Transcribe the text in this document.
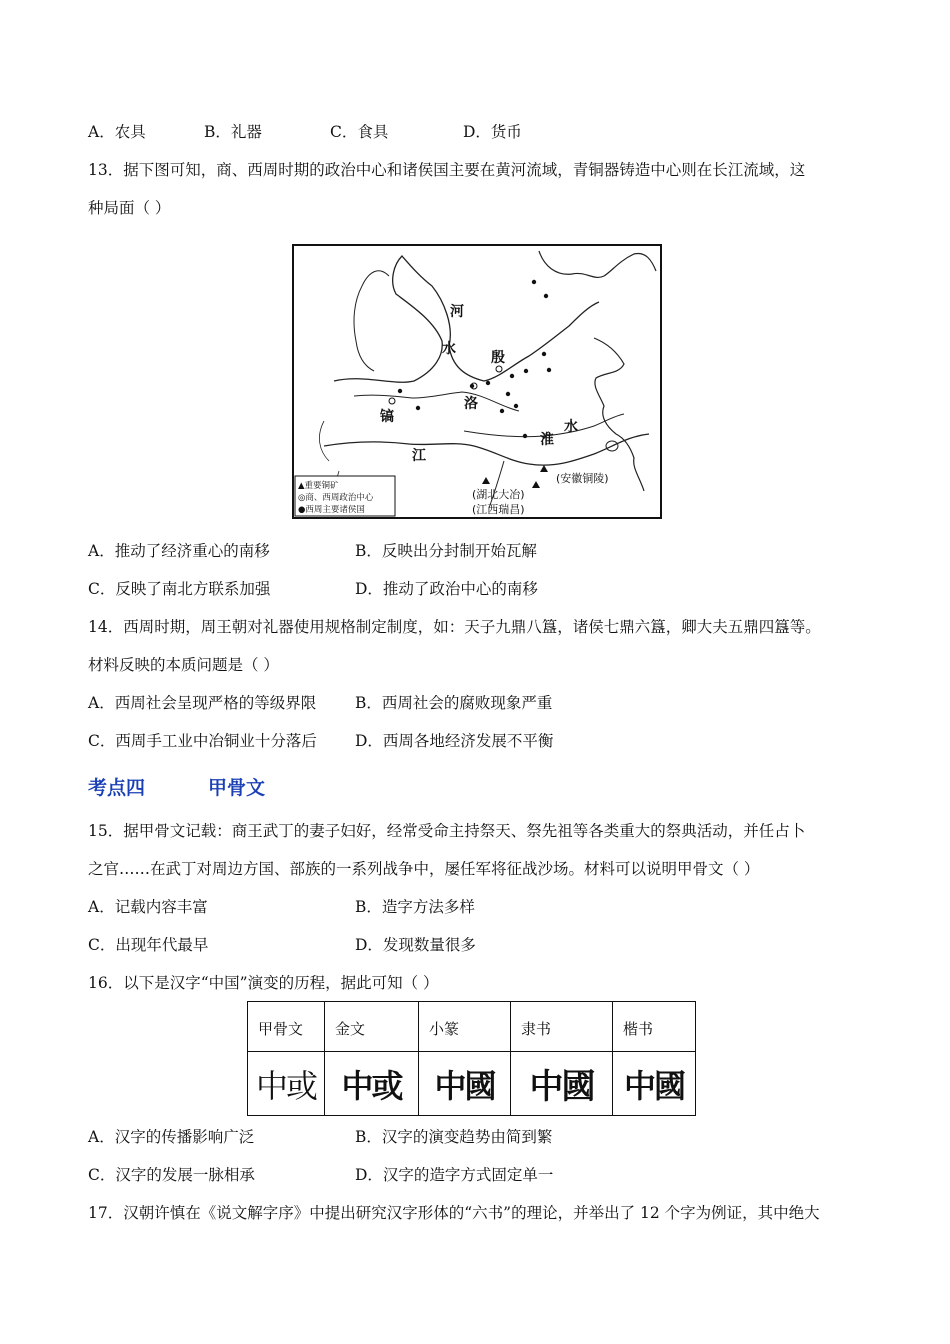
A．农具	B．礼器	C．食具	D．货币
13．据下图可知，商、西周时期的政治中心和诸侯国主要在黄河流域，青铜器铸造中心则在长江流域，这
种局面（ ）
河
水
殷
镐
洛
淮
水
江
(安徽铜陵)
(湖北大冶)
(江西瑞昌)
▲重要铜矿
◎商、西周政治中心
●西周主要诸侯国
A．推动了经济重心的南移	B．反映出分封制开始瓦解
C．反映了南北方联系加强	D．推动了政治中心的南移
14．西周时期，周王朝对礼器使用规格制定制度，如：天子九鼎八簋，诸侯七鼎六簋，卿大夫五鼎四簋等。
材料反映的本质问题是（ ）
A．西周社会呈现严格的等级界限	B．西周社会的腐败现象严重
C．西周手工业中冶铜业十分落后 D．西周各地经济发展不平衡
考点四	甲骨文
15．据甲骨文记载：商王武丁的妻子妇好，经常受命主持祭天、祭先祖等各类重大的祭典活动，并任占卜
之官……在武丁对周边方国、部族的一系列战争中，屡任军将征战沙场。材料可以说明甲骨文（ ）
A．记载内容丰富	B．造字方法多样
C．出现年代最早	D．发现数量很多
16．以下是汉字“中国”演变的历程，据此可知（ ）
甲骨文	金文	小篆	隶书	楷书
中或	中或	中國	中國	中國
A．汉字的传播影响广泛	B．汉字的演变趋势由简到繁
C．汉字的发展一脉相承	D．汉字的造字方式固定单一
17．汉朝许慎在《说文解字序》中提出研究汉字形体的“六书”的理论，并举出了 12 个字为例证，其中绝大
